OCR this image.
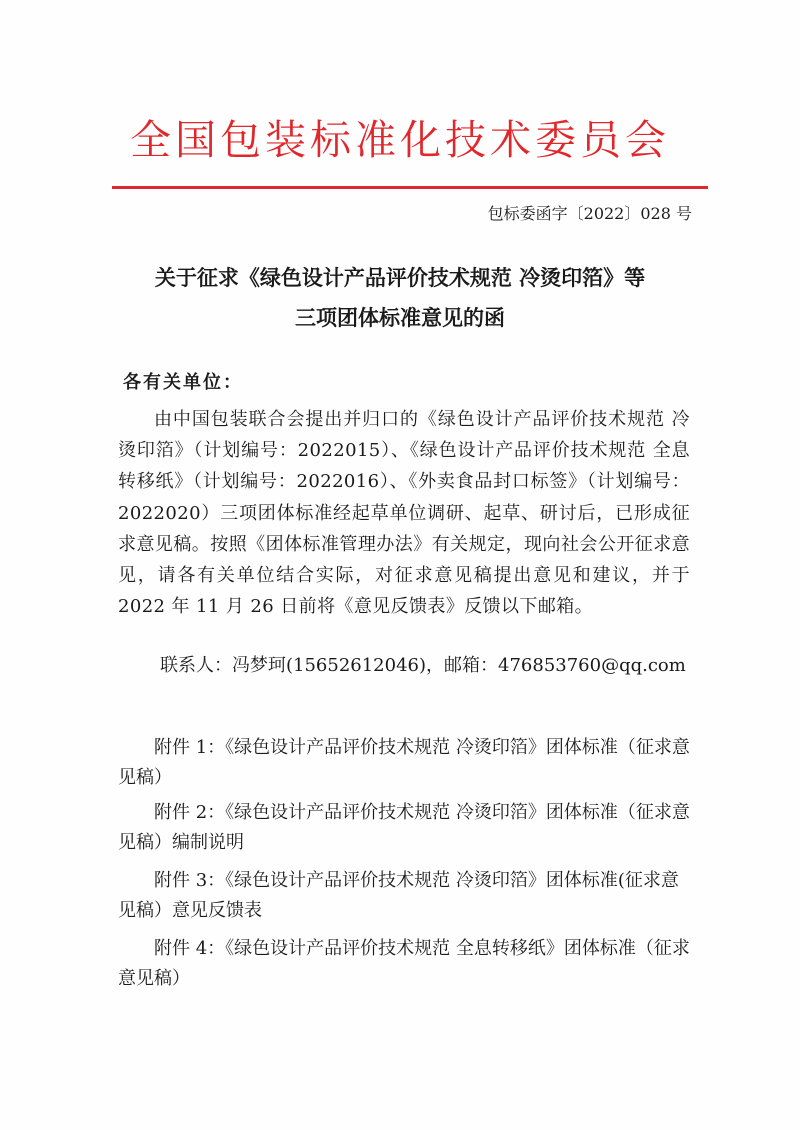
全国包装标准化技术委员会
包标委函字〔2022〕028 号
关于征求《绿色设计产品评价技术规范 冷烫印箔》等
三项团体标准意见的函
各有关单位：

由中国包装联合会提出并归口的《绿色设计产品评价技术规范 冷烫印箔》（计划编号：2022015）、《绿色设计产品评价技术规范 全息转移纸》（计划编号：2022016）、《外卖食品封口标签》（计划编号：2022020）三项团体标准经起草单位调研、起草、研讨后，已形成征求意见稿。按照《团体标准管理办法》有关规定，现向社会公开征求意见，请各有关单位结合实际，对征求意见稿提出意见和建议，并于 2022 年 11 月 26 日前将《意见反馈表》反馈以下邮箱。

联系人：冯梦珂(15652612046)，邮箱：476853760@qq.com

附件 1：《绿色设计产品评价技术规范 冷烫印箔》团体标准（征求意见稿）

附件 2：《绿色设计产品评价技术规范 冷烫印箔》团体标准（征求意见稿）编制说明

附件 3：《绿色设计产品评价技术规范 冷烫印箔》团体标准(征求意见稿）意见反馈表

附件 4：《绿色设计产品评价技术规范 全息转移纸》团体标准（征求意见稿）
